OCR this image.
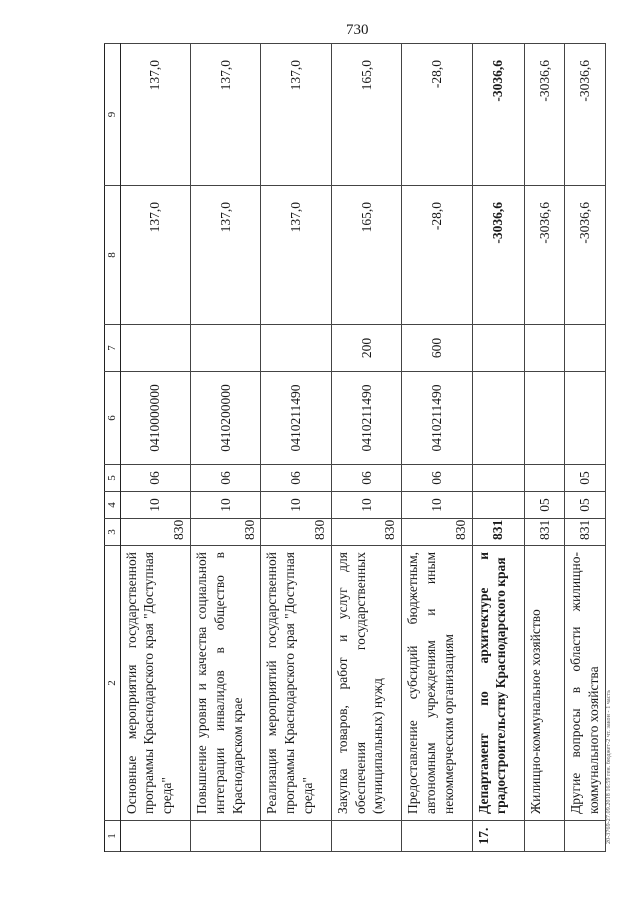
730
20-3769-27.09.2018 16:59 ген. бюджет-2 чт. закон - 1 часть
1	2	3	4	5	6	7	8	9
	Основные мероприятия государственной программы Краснодарского края "Доступная среда"	830	10	06	0410000000		137,0	137,0
	Повышение уровня и качества социальной интеграции инвалидов в общество в Краснодарском крае	830	10	06	0410200000		137,0	137,0
	Реализация мероприятий государственной программы Краснодарского края "Доступная среда"	830	10	06	0410211490		137,0	137,0
	Закупка товаров, работ и услуг для обеспечения государственных (муниципальных) нужд	830	10	06	0410211490	200	165,0	165,0
	Предоставление субсидий бюджетным, автономным учреждениям и иным некоммерческим организациям	830	10	06	0410211490	600	-28,0	-28,0
17.	Департамент по архитектуре и градостроительству Краснодарского края	831					-3036,6	-3036,6
	Жилищно-коммунальное хозяйство	831	05				-3036,6	-3036,6
	Другие вопросы в области жилищно-коммунального хозяйства	831	05	05			-3036,6	-3036,6
